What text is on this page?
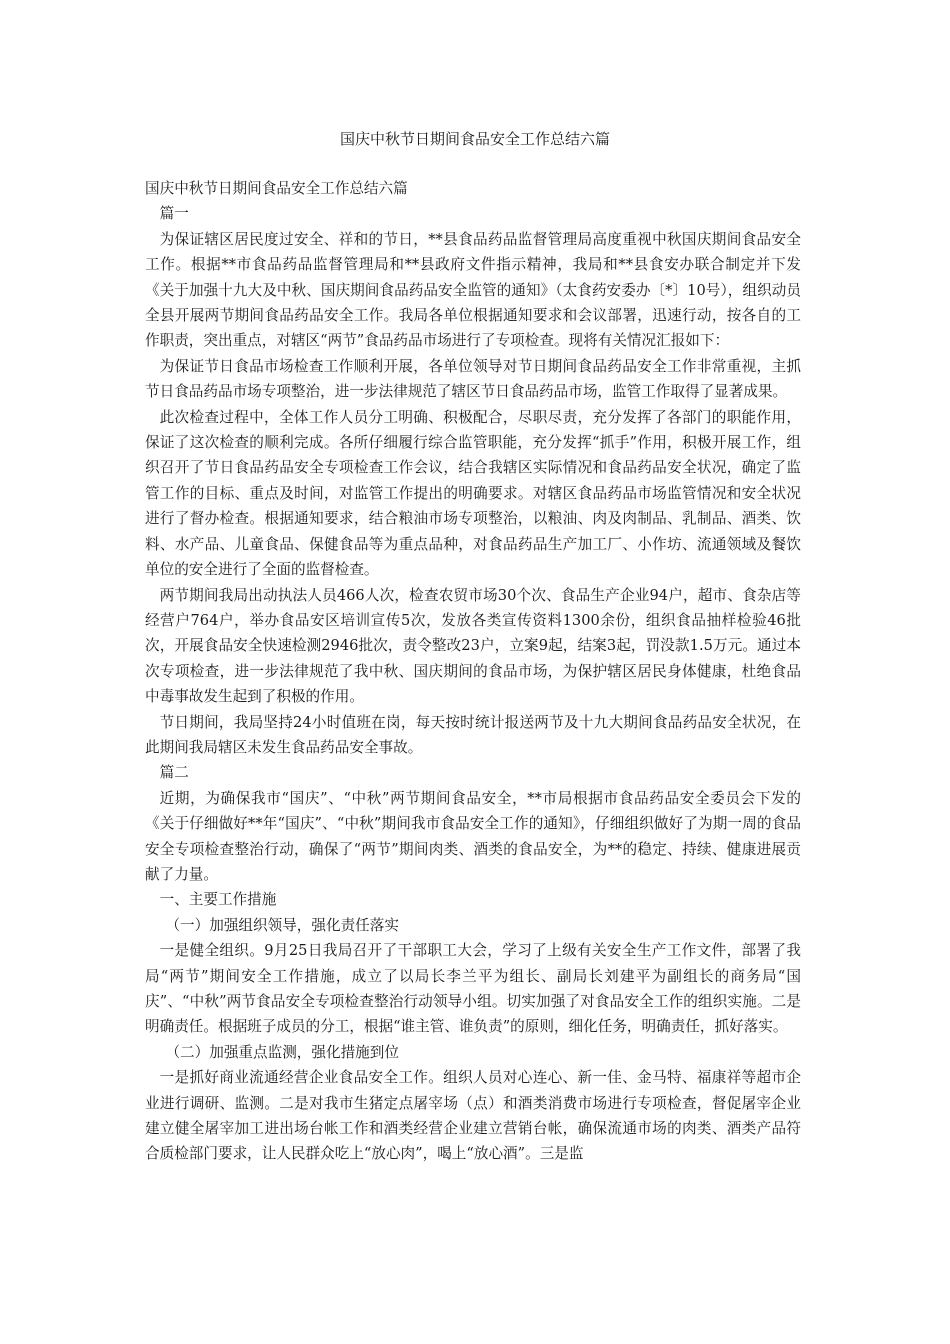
国庆中秋节日期间食品安全工作总结六篇

国庆中秋节日期间食品安全工作总结六篇

篇一

为保证辖区居民度过安全、祥和的节日，**县食品药品监督管理局高度重视中秋国庆期间食品安全工作。根据**市食品药品监督管理局和**县政府文件指示精神，我局和**县食安办联合制定并下发《关于加强十九大及中秋、国庆期间食品药品安全监管的通知》（太食药安委办〔*〕10号），组织动员全县开展两节期间食品药品安全工作。我局各单位根据通知要求和会议部署，迅速行动，按各自的工作职责，突出重点，对辖区“两节”食品药品市场进行了专项检查。现将有关情况汇报如下：

为保证节日食品市场检查工作顺利开展，各单位领导对节日期间食品药品安全工作非常重视，主抓节日食品药品市场专项整治，进一步法律规范了辖区节日食品药品市场，监管工作取得了显著成果。

此次检查过程中，全体工作人员分工明确、积极配合，尽职尽责，充分发挥了各部门的职能作用，保证了这次检查的顺利完成。各所仔细履行综合监管职能，充分发挥“抓手”作用，积极开展工作，组织召开了节日食品药品安全专项检查工作会议，结合我辖区实际情况和食品药品安全状况，确定了监管工作的目标、重点及时间，对监管工作提出的明确要求。对辖区食品药品市场监管情况和安全状况进行了督办检查。根据通知要求，结合粮油市场专项整治，以粮油、肉及肉制品、乳制品、酒类、饮料、水产品、儿童食品、保健食品等为重点品种，对食品药品生产加工厂、小作坊、流通领域及餐饮单位的安全进行了全面的监督检查。

两节期间我局出动执法人员466人次，检查农贸市场30个次、食品生产企业94户，超市、食杂店等经营户764户，举办食品安区培训宣传5次，发放各类宣传资料1300余份，组织食品抽样检验46批次，开展食品安全快速检测2946批次，责令整改23户，立案9起，结案3起，罚没款1.5万元。通过本次专项检查，进一步法律规范了我中秋、国庆期间的食品市场，为保护辖区居民身体健康，杜绝食品中毒事故发生起到了积极的作用。

节日期间，我局坚持24小时值班在岗，每天按时统计报送两节及十九大期间食品药品安全状况，在此期间我局辖区未发生食品药品安全事故。

篇二

近期，为确保我市“国庆”、“中秋”两节期间食品安全，**市局根据市食品药品安全委员会下发的《关于仔细做好**年“国庆”、“中秋”期间我市食品安全工作的通知》，仔细组织做好了为期一周的食品安全专项检查整治行动，确保了“两节”期间肉类、酒类的食品安全，为**的稳定、持续、健康进展贡献了力量。

一、主要工作措施

（一）加强组织领导，强化责任落实

一是健全组织。9月25日我局召开了干部职工大会，学习了上级有关安全生产工作文件，部署了我局“两节”期间安全工作措施，成立了以局长李兰平为组长、副局长刘建平为副组长的商务局“国庆”、“中秋”两节食品安全专项检查整治行动领导小组。切实加强了对食品安全工作的组织实施。二是明确责任。根据班子成员的分工，根据“谁主管、谁负责”的原则，细化任务，明确责任，抓好落实。

（二）加强重点监测，强化措施到位

一是抓好商业流通经营企业食品安全工作。组织人员对心连心、新一佳、金马特、福康祥等超市企业进行调研、监测。二是对我市生猪定点屠宰场（点）和酒类消费市场进行专项检查，督促屠宰企业建立健全屠宰加工进出场台帐工作和酒类经营企业建立营销台帐，确保流通市场的肉类、酒类产品符合质检部门要求，让人民群众吃上“放心肉”，喝上“放心酒”。三是监
